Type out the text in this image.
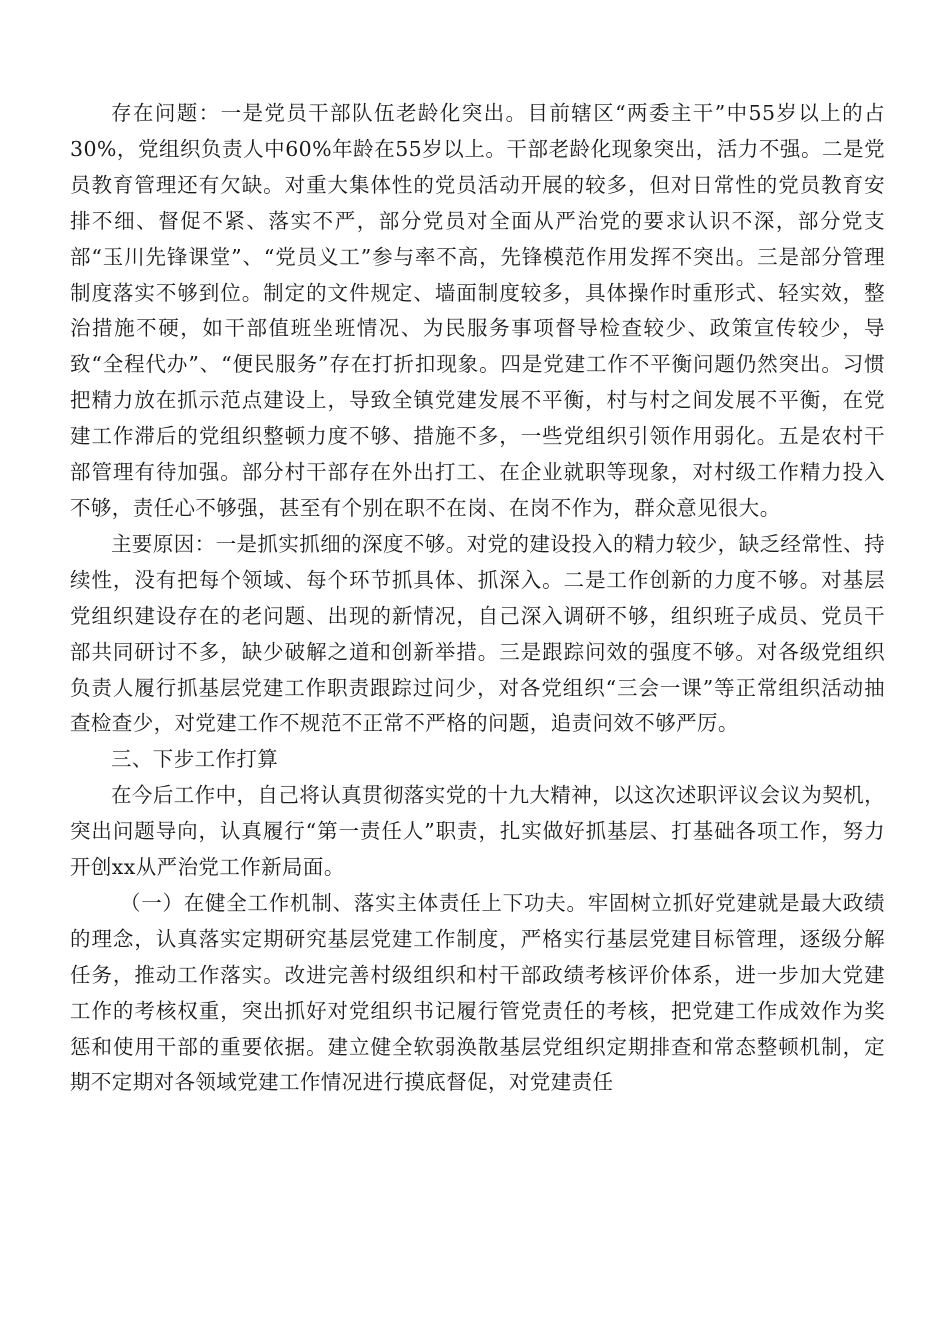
存在问题：一是党员干部队伍老龄化突出。目前辖区“两委主干”中55岁以上的占30%，党组织负责人中60%年龄在55岁以上。干部老龄化现象突出，活力不强。二是党员教育管理还有欠缺。对重大集体性的党员活动开展的较多，但对日常性的党员教育安排不细、督促不紧、落实不严，部分党员对全面从严治党的要求认识不深，部分党支部“玉川先锋课堂”、“党员义工”参与率不高，先锋模范作用发挥不突出。三是部分管理制度落实不够到位。制定的文件规定、墙面制度较多，具体操作时重形式、轻实效，整治措施不硬，如干部值班坐班情况、为民服务事项督导检查较少、政策宣传较少，导致“全程代办”、“便民服务”存在打折扣现象。四是党建工作不平衡问题仍然突出。习惯把精力放在抓示范点建设上，导致全镇党建发展不平衡，村与村之间发展不平衡，在党建工作滞后的党组织整顿力度不够、措施不多，一些党组织引领作用弱化。五是农村干部管理有待加强。部分村干部存在外出打工、在企业就职等现象，对村级工作精力投入不够，责任心不够强，甚至有个别在职不在岗、在岗不作为，群众意见很大。

主要原因：一是抓实抓细的深度不够。对党的建设投入的精力较少，缺乏经常性、持续性，没有把每个领域、每个环节抓具体、抓深入。二是工作创新的力度不够。对基层党组织建设存在的老问题、出现的新情况，自己深入调研不够，组织班子成员、党员干部共同研讨不多，缺少破解之道和创新举措。三是跟踪问效的强度不够。对各级党组织负责人履行抓基层党建工作职责跟踪过问少，对各党组织“三会一课”等正常组织活动抽查检查少，对党建工作不规范不正常不严格的问题，追责问效不够严厉。

三、下步工作打算

在今后工作中，自己将认真贯彻落实党的十九大精神，以这次述职评议会议为契机，突出问题导向，认真履行“第一责任人”职责，扎实做好抓基层、打基础各项工作，努力开创xx从严治党工作新局面。

（一）在健全工作机制、落实主体责任上下功夫。牢固树立抓好党建就是最大政绩的理念，认真落实定期研究基层党建工作制度，严格实行基层党建目标管理，逐级分解任务，推动工作落实。改进完善村级组织和村干部政绩考核评价体系，进一步加大党建工作的考核权重，突出抓好对党组织书记履行管党责任的考核，把党建工作成效作为奖惩和使用干部的重要依据。建立健全软弱涣散基层党组织定期排查和常态整顿机制，定期不定期对各领域党建工作情况进行摸底督促，对党建责任
